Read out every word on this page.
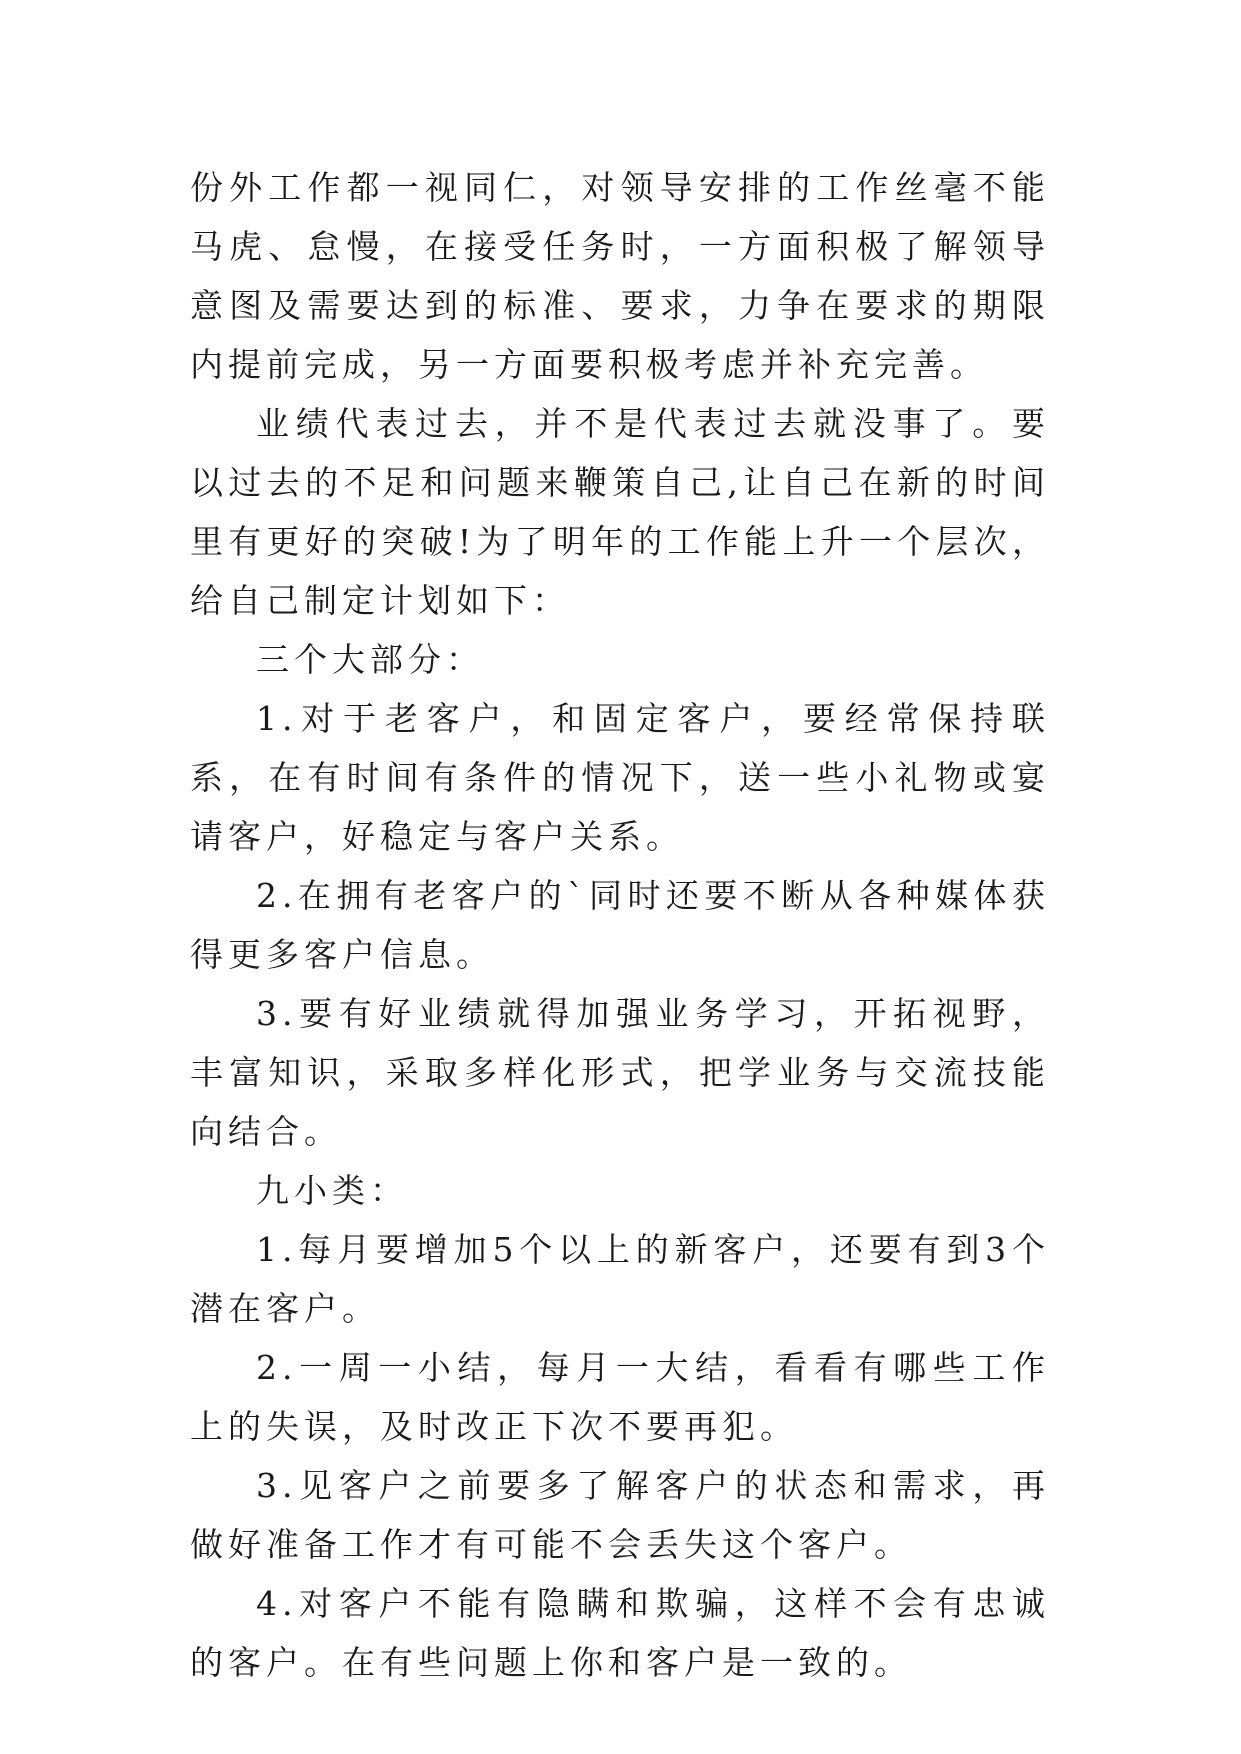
份外工作都一视同仁，对领导安排的工作丝毫不能马虎、怠慢，在接受任务时，一方面积极了解领导意图及需要达到的标准、要求，力争在要求的期限内提前完成，另一方面要积极考虑并补充完善。

业绩代表过去，并不是代表过去就没事了。要以过去的不足和问题来鞭策自己,让自己在新的时间里有更好的突破!为了明年的工作能上升一个层次，给自己制定计划如下：

三个大部分：

1.对于老客户，和固定客户，要经常保持联系，在有时间有条件的情况下，送一些小礼物或宴请客户，好稳定与客户关系。

2.在拥有老客户的`同时还要不断从各种媒体获得更多客户信息。

3.要有好业绩就得加强业务学习，开拓视野，丰富知识，采取多样化形式，把学业务与交流技能向结合。

九小类：

1.每月要增加5个以上的新客户，还要有到3个潜在客户。

2.一周一小结，每月一大结，看看有哪些工作上的失误，及时改正下次不要再犯。

3.见客户之前要多了解客户的状态和需求，再做好准备工作才有可能不会丢失这个客户。

4.对客户不能有隐瞒和欺骗，这样不会有忠诚的客户。在有些问题上你和客户是一致的。
